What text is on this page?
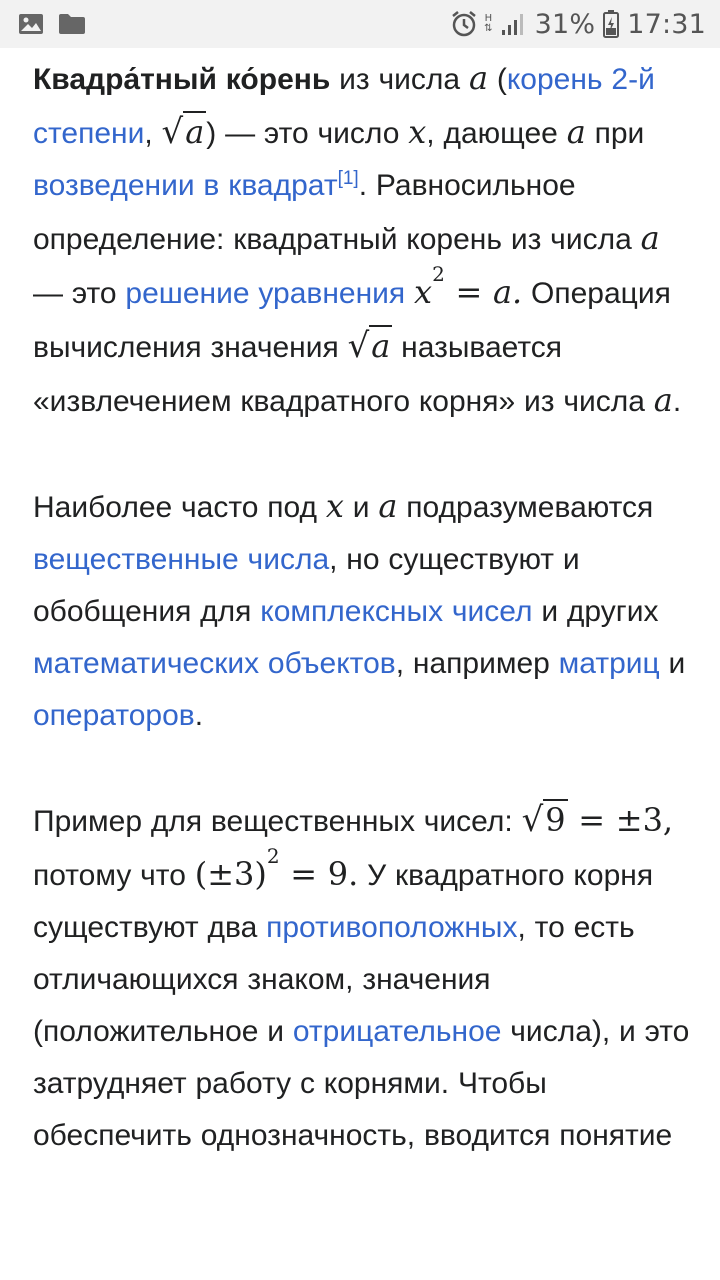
H
⇅ 31% 17:31

Квадра́тный ко́рень из числа a (корень 2-й степени, √a) — это число x, дающее a при возведении в квадрат[1]. Равносильное определение: квадратный корень из числа a — это решение уравнения $x^2 = a$. Операция вычисления значения √a называется «извлечением квадратного корня» из числа a.

Наиболее часто под x и a подразумеваются вещественные числа, но существуют и обобщения для комплексных чисел и других математических объектов, например матриц и операторов.

Пример для вещественных чисел: √9 = ±3, потому что $(\pm 3)^2 = 9$. У квадратного корня существуют два противоположных, то есть отличающихся знаком, значения (положительное и отрицательное числа), и это затрудняет работу с корнями. Чтобы обеспечить однозначность, вводится понятие
